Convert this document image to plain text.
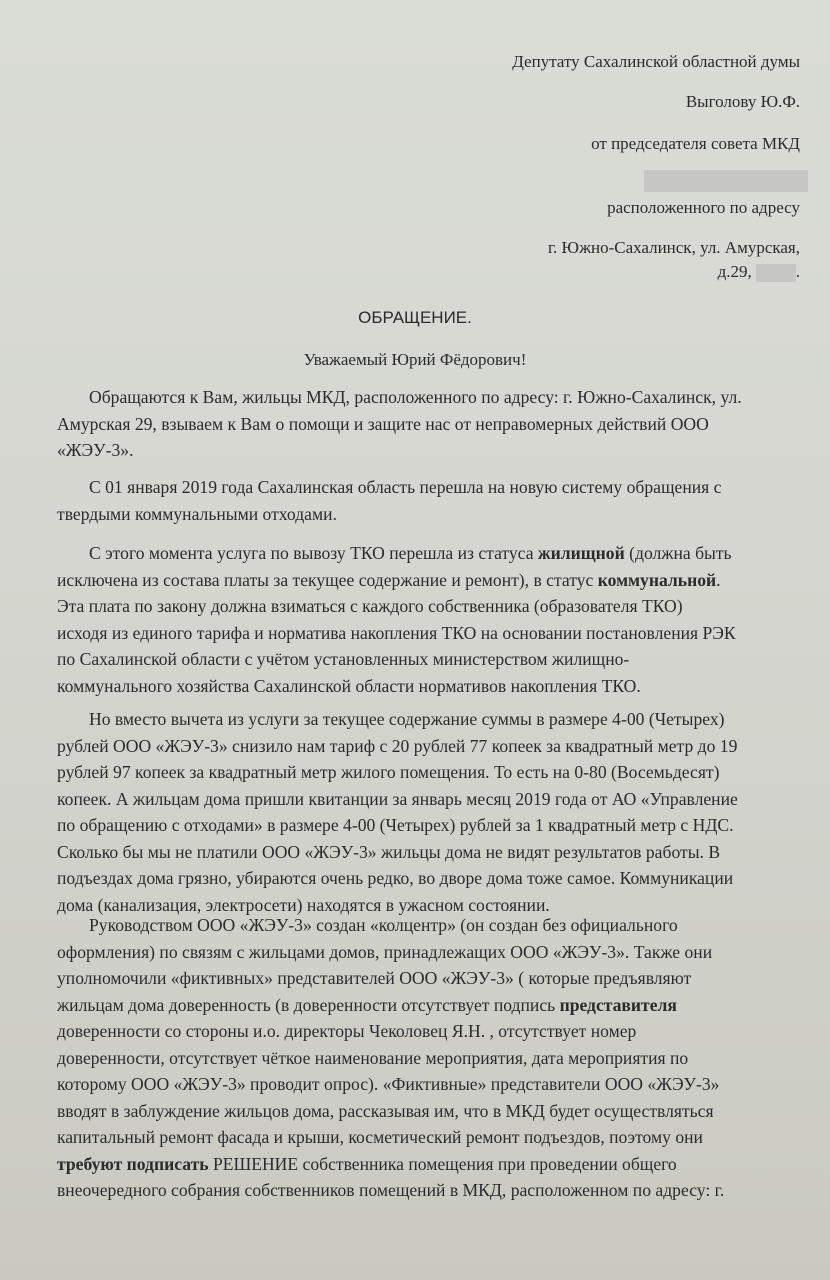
Депутату Сахалинской областной думы
Выголову Ю.Ф.
от председателя совета МКД
расположенного по адресу
г. Южно-Сахалинск, ул. Амурская,
д.29,	.
ОБРАЩЕНИЕ.
Уважаемый Юрий Фёдорович!
Обращаются к Вам, жильцы МКД, расположенного по адресу: г. Южно-Сахалинск, ул.
Амурская 29, взываем к Вам о помощи и защите нас от неправомерных действий ООО
«ЖЭУ-3».
С 01 января 2019 года Сахалинская область перешла на новую систему обращения с
твердыми коммунальными отходами.
С этого момента услуга по вывозу ТКО перешла из статуса жилищной (должна быть
исключена из состава платы за текущее содержание и ремонт), в статус коммунальной.
Эта плата по закону должна взиматься с каждого собственника (образователя ТКО)
исходя из единого тарифа и норматива накопления ТКО на основании постановления РЭК
по Сахалинской области с учётом установленных министерством жилищно-
коммунального хозяйства Сахалинской области нормативов накопления ТКО.
Но вместо вычета из услуги за текущее содержание суммы в размере 4-00 (Четырех)
рублей ООО «ЖЭУ-3» снизило нам тариф с 20 рублей 77 копеек за квадратный метр до 19
рублей 97 копеек за квадратный метр жилого помещения. То есть на 0-80 (Восемьдесят)
копеек. А жильцам дома пришли квитанции за январь месяц 2019 года от АО «Управление
по обращению с отходами» в размере 4-00 (Четырех) рублей за 1 квадратный метр с НДС.
Сколько бы мы не платили ООО «ЖЭУ-3» жильцы дома не видят результатов работы. В
подъездах дома грязно, убираются очень редко, во дворе дома тоже самое. Коммуникации
дома (канализация, электросети) находятся в ужасном состоянии.
Руководством ООО «ЖЭУ-3» создан «колцентр» (он создан без официального
оформления) по связям с жильцами домов, принадлежащих ООО «ЖЭУ-3». Также они
уполномочили «фиктивных» представителей ООО «ЖЭУ-3» ( которые предъявляют
жильцам дома доверенность (в доверенности отсутствует подпись представителя
доверенности со стороны и.о. директоры Чеколовец Я.Н. , отсутствует номер
доверенности, отсутствует чёткое наименование мероприятия, дата мероприятия по
которому ООО «ЖЭУ-3» проводит опрос). «Фиктивные» представители ООО «ЖЭУ-3»
вводят в заблуждение жильцов дома, рассказывая им, что в МКД будет осуществляться
капитальный ремонт фасада и крыши, косметический ремонт подъездов, поэтому они
требуют подписать РЕШЕНИЕ собственника помещения при проведении общего
внеочередного собрания собственников помещений в МКД, расположенном по адресу: г.
